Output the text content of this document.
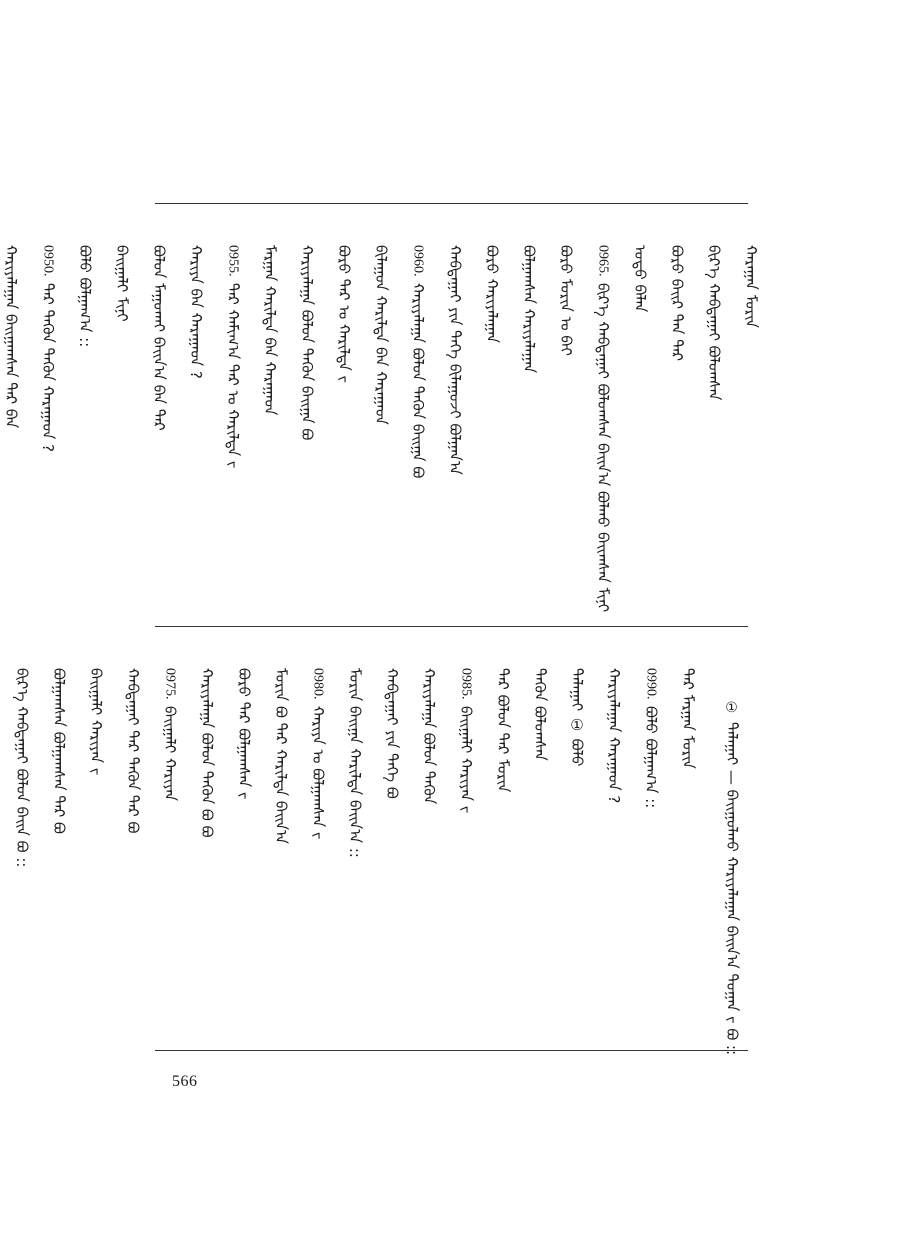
ᠬᠠᠷᠠᠭᠠᠨ ᠮᠣᠷᠢᠨ
ᠪᠢᠷ᠎ᠡ ᠬᠠᠪᠲᠠᠭᠠᠢ ᠪᠣᠯᠣᠭᠰᠠᠨ
ᠪᠣᠷᠣ ᠪᠠᠢᠷ ᠲᠠᠨ ᠲᠡᠷ
ᠣᠳᠣ ᠪᠡᠯᠡᠨ
0965.
ᠪᠢᠷ᠎ᠡ ᠬᠠᠪᠲᠠᠭᠠᠢ ᠪᠣᠯᠣᠭᠰᠠᠨ ᠪᠠᠢᠨ᠎ᠠ ᠪᠣᠯᠬᠤ ᠪᠠᠢᠭᠰᠠᠨ ᠮᠢᠨᠢ
ᠪᠣᠷᠣ ᠮᠣᠷᠢᠨ ᠤ ᠪᠠᠢ
ᠪᠣᠯᠭᠠᠭᠰᠠᠨ ᠬᠠᠷᠢᠶᠠᠯᠠᠭᠠᠨ
ᠪᠣᠷᠣ ᠬᠠᠷᠢᠶᠠᠯᠠᠭᠠᠨ
ᠬᠠᠪᠲᠠᠭᠠᠢ ᠶᠢᠨ ᠲᠡᠬᠡ ᠪᠢᠯᠠᠭᠤᠵᠢ ᠪᠣᠯᠭᠠᠨ᠎ᠠ
0960.
ᠬᠠᠷᠢᠶᠠᠯᠠᠭᠠ ᠪᠣᠯᠣᠨ ᠲᠡᠭᠦᠨ ᠪᠠᠢᠭᠠ ᠪᠣ
ᠪᠢᠯᠠᠭᠤᠨ ᠬᠠᠷᠢᠯᠲᠠ ᠪᠠᠨ ᠬᠠᠷᠠᠭᠠᠳ
ᠪᠣᠷᠣ ᠲᠡᠷ ᠤ ᠬᠠᠷᠢᠯᠲᠠ ᠶ᠋
ᠬᠠᠷᠢᠶᠠᠯᠠᠭᠠ ᠪᠣᠯᠣᠨ ᠲᠡᠭᠦᠨ ᠪᠠᠢᠭᠠ ᠪᠣ
ᠮᠠᠷᠭᠠᠨ ᠬᠠᠷᠢᠯᠲᠠ ᠪᠠᠨ ᠬᠠᠷᠠᠭᠠᠳ
0955.
ᠲᠡᠷ ᠬᠠᠮᠢᠭ᠎ᠠ ᠲᠡᠷ ᠤ ᠬᠠᠷᠢᠯᠲᠠ ᠶ᠋
ᠬᠠᠷᠢᠶᠠ ᠪᠠᠨ ᠬᠠᠷᠠᠭᠠᠳ ?
ᠪᠣᠯᠣᠨ ᠮᠠᠭᠤᠬᠠᠢ ᠪᠠᠢᠨ᠎ᠠ ᠪᠠᠨ ᠲᠡᠷ
ᠪᠠᠢᠭᠠᠯᠢ ᠮᠢᠨᠢ
ᠪᠣᠯᠣ ᠪᠣᠯᠭᠠᠭ᠎ᠠ ::
0950.
ᠲᠡᠷ ᠲᠡᠭᠦᠨ ᠲᠡᠭᠦᠨ ᠬᠠᠷᠠᠭᠠᠳ ?
ᠬᠠᠷᠢᠶᠠᠯᠠᠭᠠᠨ ᠪᠠᠢᠭᠠᠭᠰᠠᠨ ᠲᠡᠷ ᠪᠠᠨ
①
ᠲᠠᠯᠠᠭᠠᠢ — ᠪᠠᠢᠭᠤᠯᠬᠤ ᠬᠠᠷᠢᠶᠠᠯᠠᠭᠠᠨ ᠪᠠᠢᠨ᠎ᠠ ᠲᠣᠭᠠᠨ ᠶ᠋ ᠪᠣ ::
ᠲᠡᠷ ᠮᠠᠷᠭᠠᠨ ᠮᠣᠷᠢᠨ
0990.
ᠪᠣᠯᠣ ᠪᠣᠯᠭᠠᠭ᠎ᠠ ::
ᠬᠠᠷᠢᠶᠠᠯᠠᠭᠠᠨ ᠬᠠᠷᠠᠭᠠᠳ ?
ᠲᠠᠯᠠᠭᠠᠢ ① ᠪᠣᠯᠣ
ᠲᠡᠭᠦᠨ ᠪᠣᠯᠣᠭᠰᠠᠨ
ᠲᠡᠷ ᠪᠣᠯᠣᠨ ᠲᠡᠷ ᠮᠣᠷᠢᠨ
0985.
ᠪᠠᠢᠭᠠᠯᠢ ᠬᠠᠷᠢᠶᠠᠨ ᠶ᠋
ᠬᠠᠷᠢᠶᠠᠯᠠᠭᠠ ᠪᠣᠯᠣᠨ ᠲᠡᠭᠦᠨ
ᠬᠠᠪᠲᠠᠭᠠᠢ ᠶᠢᠨ ᠲᠡᠬᠡ ᠪᠣ
ᠮᠣᠷᠢᠨ ᠪᠠᠢᠭᠠ ᠬᠠᠷᠢᠯᠲᠠ ᠪᠠᠢᠨ᠎ᠠ ::
0980.
ᠬᠠᠷᠢᠶᠠ ᠤ ᠪᠣᠯᠭᠠᠭᠰᠠᠨ ᠶ᠋
ᠮᠣᠷᠢᠨ ᠪᠣ ᠲᠡᠷ ᠬᠠᠷᠢᠯᠲᠠ ᠪᠠᠢᠨ᠎ᠠ
ᠪᠣᠷᠣ ᠲᠡᠷ ᠪᠣᠯᠭᠠᠭᠰᠠᠨ ᠶ᠋
ᠬᠠᠷᠢᠶᠠᠯᠠᠭᠠ ᠪᠣᠯᠣᠨ ᠲᠡᠭᠦᠨ ᠪᠣ ᠪᠣ
0975.
ᠪᠠᠢᠭᠠᠯᠢ ᠬᠠᠷᠢᠶᠠᠨ
ᠬᠠᠪᠲᠠᠭᠠᠢ ᠲᠡᠷ ᠲᠡᠭᠦᠨ ᠲᠡᠷ ᠪᠣ
ᠪᠠᠢᠭᠠᠯᠢ ᠬᠠᠷᠢᠶᠠᠨ ᠶ᠋
ᠪᠣᠯᠭᠠᠭᠰᠠᠨ ᠪᠣᠯᠭᠠᠭᠰᠠᠨ ᠲᠡᠷ ᠪᠣ
ᠪᠢᠷ᠎ᠡ ᠬᠠᠪᠲᠠᠭᠠᠢ ᠪᠣᠯᠣᠨ ᠪᠠᠢᠨ ᠪᠣ ::
566
